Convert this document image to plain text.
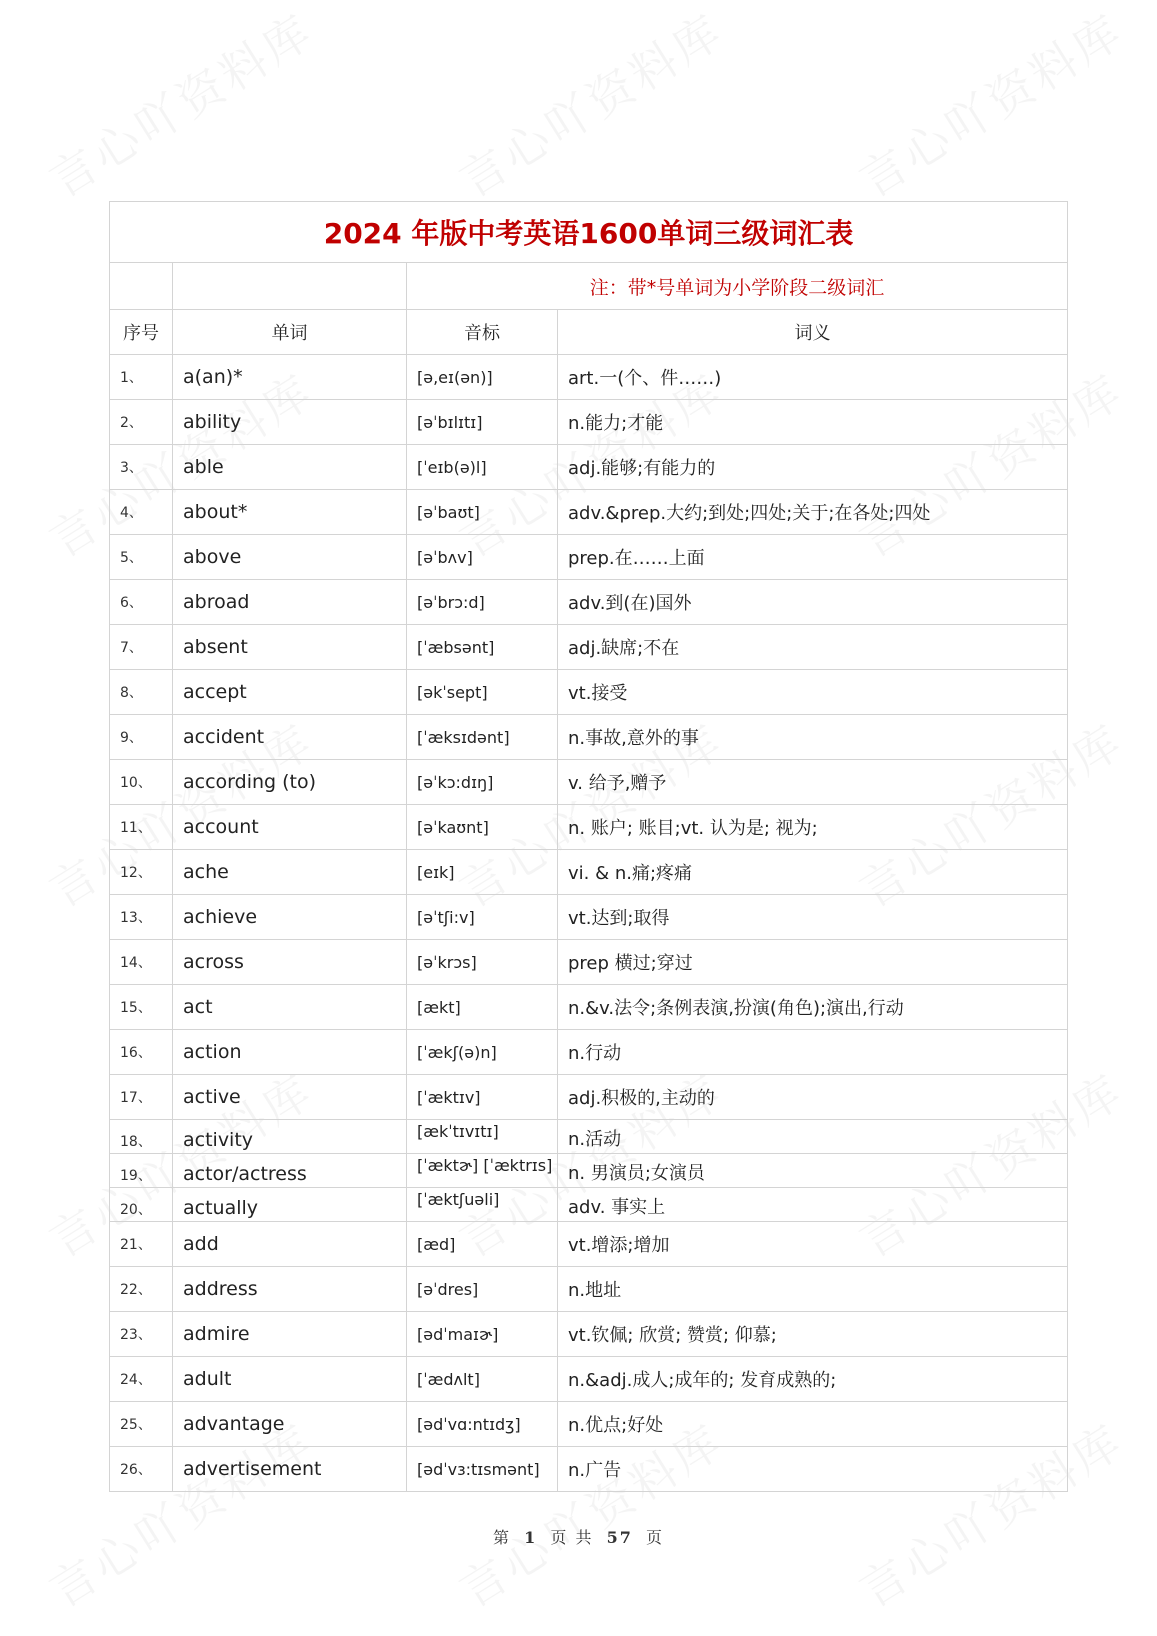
2024 年版中考英语1600单词三级词汇表			
		注：带*号单词为小学阶段二级词汇	
序号	单词	音标	词义
1、	a(an)*	[ə,eɪ(ən)]	art.一(个、件……)
2、	ability	[əˈbɪlɪtɪ]	n.能力;才能
3、	able	[ˈeɪb(ə)l]	adj.能够;有能力的
4、	about*	[əˈbaʊt]	adv.&prep.大约;到处;四处;关于;在各处;四处
5、	above	[əˈbʌv]	prep.在……上面
6、	abroad	[əˈbrɔ:d]	adv.到(在)国外
7、	absent	[ˈæbsənt]	adj.缺席;不在
8、	accept	[əkˈsept]	vt.接受
9、	accident	[ˈæksɪdənt]	n.事故,意外的事
10、	according (to)	[əˈkɔ:dɪŋ]	v. 给予,赠予
11、	account	[əˈkaʊnt]	n. 账户; 账目;vt. 认为是; 视为;
12、	ache	[eɪk]	vi. & n.痛;疼痛
13、	achieve	[əˈtʃi:v]	vt.达到;取得
14、	across	[əˈkrɔs]	prep 横过;穿过
15、	act	[ækt]	n.&v.法令;条例表演,扮演(角色);演出,行动
16、	action	[ˈækʃ(ə)n]	n.行动
17、	active	[ˈæktɪv]	adj.积极的,主动的
18、	activity	[ækˈtɪvɪtɪ]	n.活动
19、	actor/actress	[ˈæktɚ] [ˈæktrɪs]	n. 男演员;女演员
20、	actually	[ˈæktʃuəli]	adv. 事实上
21、	add	[æd]	vt.增添;增加
22、	address	[əˈdres]	n.地址
23、	admire	[ədˈmaɪɚ]	vt.钦佩; 欣赏; 赞赏; 仰慕;
24、	adult	[ˈædʌlt]	n.&adj.成人;成年的; 发育成熟的;
25、	advantage	[ədˈvɑ:ntɪdʒ]	n.优点;好处
26、	advertisement	[ədˈvɜ:tɪsmənt]	n.广告
第 1 页 共 57 页
